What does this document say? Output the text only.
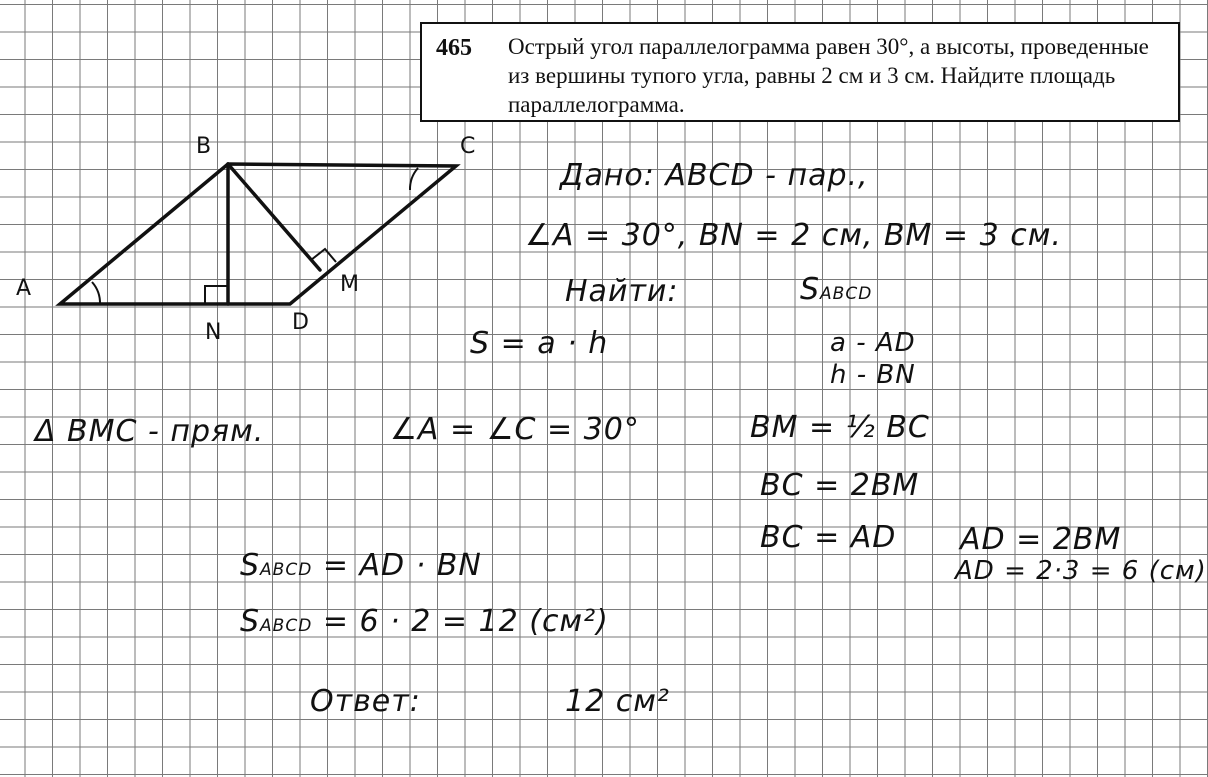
465 Острый угол параллелограмма равен 30°, а высоты, проведенные из вершины тупого угла, равны 2 см и 3 см. Найдите площадь параллелограмма.
A
B	C
D
N
M
Дано: ABCD - пар.,
∠A = 30°, BN = 2 см, BM = 3 см.
Найти:	SABCD
S = a · h	a - AD
h - BN
Δ BMC - прям.	∠A = ∠C = 30°	BM = ½ BC
BC = 2BM
BC = AD AD = 2BM
AD = 2·3 = 6 (см)
SABCD = AD · BN
SABCD = 6 · 2 = 12 (см²)
Ответ:	12 см²
